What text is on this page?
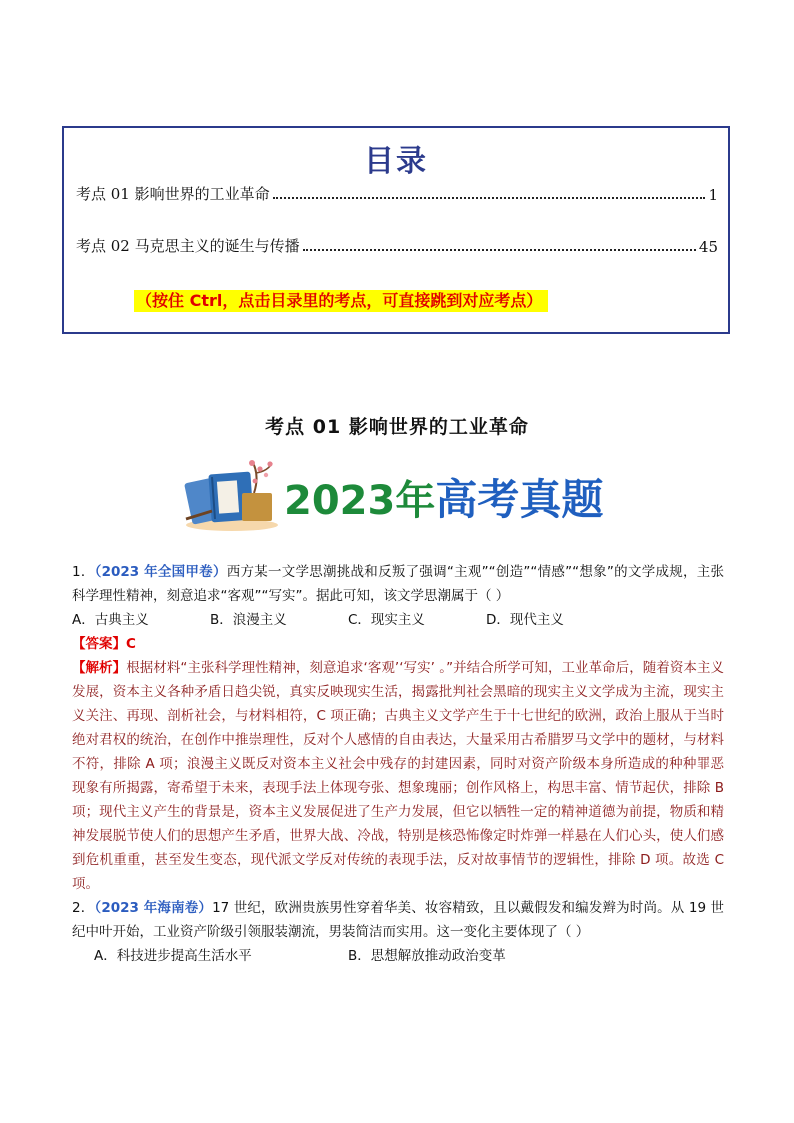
目录
考点 01 影响世界的工业革命	1
考点 02 马克思主义的诞生与传播	45
（按住 Ctrl，点击目录里的考点，可直接跳到对应考点）
考点 01 影响世界的工业革命
2023年高考真题

1．（2023 年全国甲卷）西方某一文学思潮挑战和反叛了强调“主观”“创造”“情感”“想象”的文学成规，主张科学理性精神，刻意追求“客观”“写实”。据此可知，该文学思潮属于（ ）

A．古典主义	B．浪漫主义	C．现实主义	D．现代主义

【答案】C

【解析】根据材料“主张科学理性精神，刻意追求‘客观’‘写实’ 。”并结合所学可知，工业革命后，随着资本主义发展，资本主义各种矛盾日趋尖锐，真实反映现实生活，揭露批判社会黑暗的现实主义文学成为主流，现实主义关注、再现、剖析社会，与材料相符，C 项正确；古典主义文学产生于十七世纪的欧洲，政治上服从于当时绝对君权的统治，在创作中推崇理性，反对个人感情的自由表达，大量采用古希腊罗马文学中的题材，与材料不符，排除 A 项；浪漫主义既反对资本主义社会中残存的封建因素，同时对资产阶级本身所造成的种种罪恶现象有所揭露，寄希望于未来，表现手法上体现夸张、想象瑰丽；创作风格上，构思丰富、情节起伏，排除 B 项；现代主义产生的背景是，资本主义发展促进了生产力发展，但它以牺牲一定的精神道德为前提，物质和精神发展脱节使人们的思想产生矛盾，世界大战、冷战，特别是核恐怖像定时炸弹一样悬在人们心头，使人们感到危机重重，甚至发生变态，现代派文学反对传统的表现手法，反对故事情节的逻辑性，排除 D 项。故选 C 项。

2．（2023 年海南卷）17 世纪，欧洲贵族男性穿着华美、妆容精致，且以戴假发和编发辫为时尚。从 19 世纪中叶开始，工业资产阶级引领服装潮流，男装简洁而实用。这一变化主要体现了（ ）

A．科技进步提高生活水平	B．思想解放推动政治变革
